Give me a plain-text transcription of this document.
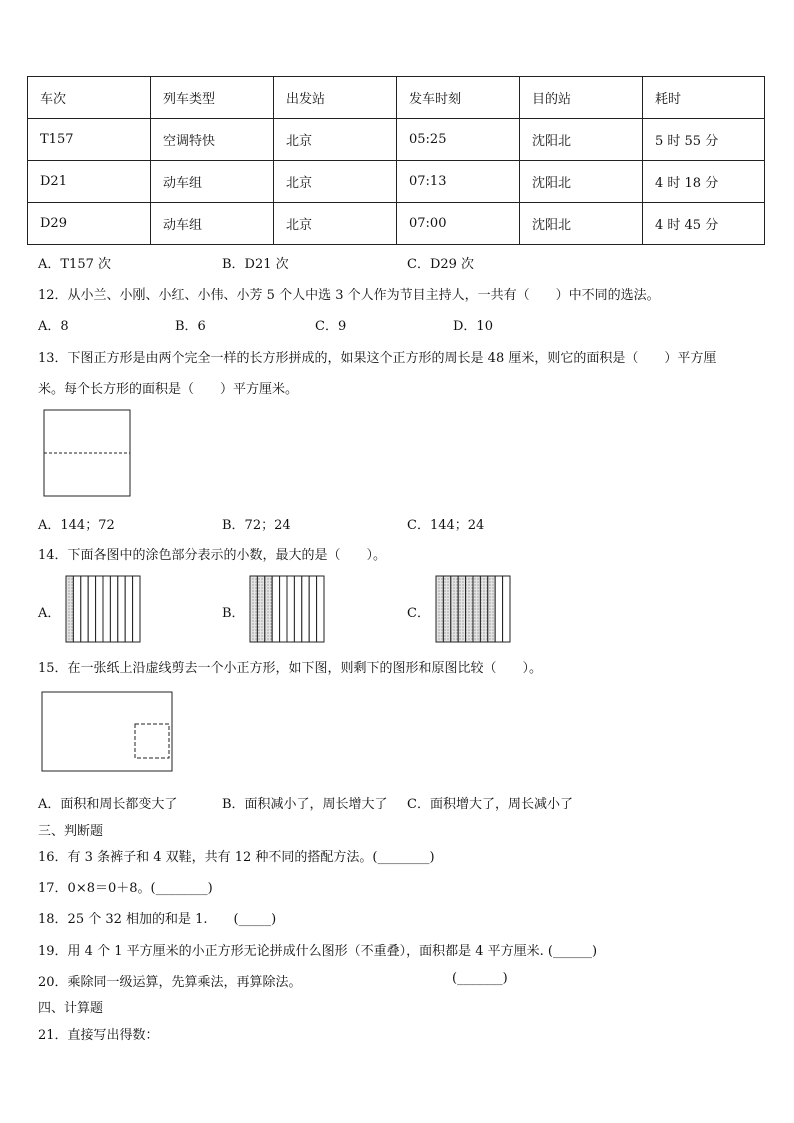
车次	列车类型	出发站	发车时刻	目的站	耗时
T157	空调特快	北京	05:25	沈阳北	5 时 55 分
D21	动车组	北京	07:13	沈阳北	4 时 18 分
D29	动车组	北京	07:00	沈阳北	4 时 45 分
A．T157 次	B．D21 次	C．D29 次
12．从小兰、小刚、小红、小伟、小芳 5 个人中选 3 个人作为节目主持人，一共有（　　）中不同的选法。
A．8	B．6	C．9	D．10
13．下图正方形是由两个完全一样的长方形拼成的，如果这个正方形的周长是 48 厘米，则它的面积是（　　）平方厘
米。每个长方形的面积是（　　）平方厘米。
A．144；72	B．72；24	C．144；24
14．下面各图中的涂色部分表示的小数，最大的是（　　）。
A．	B．	C．
15．在一张纸上沿虚线剪去一个小正方形，如下图，则剩下的图形和原图比较（　　）。
A．面积和周长都变大了	B．面积减小了，周长增大了 C．面积增大了，周长减小了
三、判断题
16．有 3 条裤子和 4 双鞋，共有 12 种不同的搭配方法。(________)
17．0×8＝0＋8。(________)
18．25 个 32 相加的和是 1.　　(_____)
19．用 4 个 1 平方厘米的小正方形无论拼成什么图形（不重叠），面积都是 4 平方厘米. (______)
20．乘除同一级运算，先算乘法，再算除法。	(_______)
四、计算题
21．直接写出得数：
